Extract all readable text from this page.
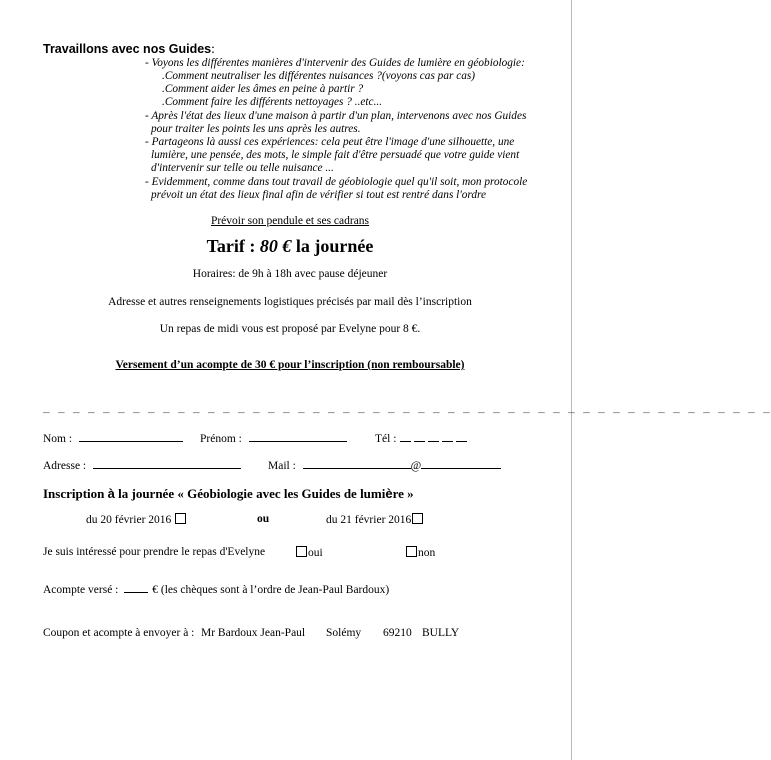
Travaillons avec nos Guides:
- Voyons les différentes manières d'intervenir des Guides de lumière en géobiologie:
.Comment neutraliser les différentes nuisances ?(voyons cas par cas)
.Comment aider les âmes en peine à partir ?
.Comment faire les différents nettoyages ? ..etc...
- Après l'état des lieux d'une maison à partir d'un plan, intervenons avec nos Guides
pour traiter les points les uns après les autres.
- Partageons là aussi ces expériences: cela peut être l'image d'une silhouette, une
lumière, une pensée, des mots, le simple fait d'être persuadé que votre guide vient
d'intervenir sur telle ou telle nuisance ...
- Evidemment, comme dans tout travail de géobiologie quel qu'il soit, mon protocole
prévoit un état des lieux final afin de vérifier si tout est rentré dans l'ordre
Prévoir son pendule et ses cadrans
Tarif : 80 € la journée
Horaires: de 9h à 18h avec pause déjeuner
Adresse et autres renseignements logistiques précisés par mail dès l’inscription
Un repas de midi vous est proposé par Evelyne pour 8 €.
Versement d’un acompte de 30 € pour l’inscription (non remboursable)
_ _ _ _ _ _ _ _ _ _ _ _ _ _ _ _ _ _ _ _ _ _ _ _ _ _ _ _ _ _ _ _ _ _ _ _ _ _ _ _ _ _ _ _ _ _ _ _ _
Nom :	Prénom :	Tél :
Adresse :	Mail :	@
Inscription à la journée « Géobiologie avec les Guides de lumière »
du 20 février 2016	ou	du 21 février 2016
Je suis intéressé pour prendre le repas d'Evelyne	oui	non
Acompte versé :	€ (les chèques sont à l’ordre de Jean-Paul Bardoux)
Coupon et acompte à envoyer à : Mr Bardoux Jean-Paul Solémy 69210 BULLY
